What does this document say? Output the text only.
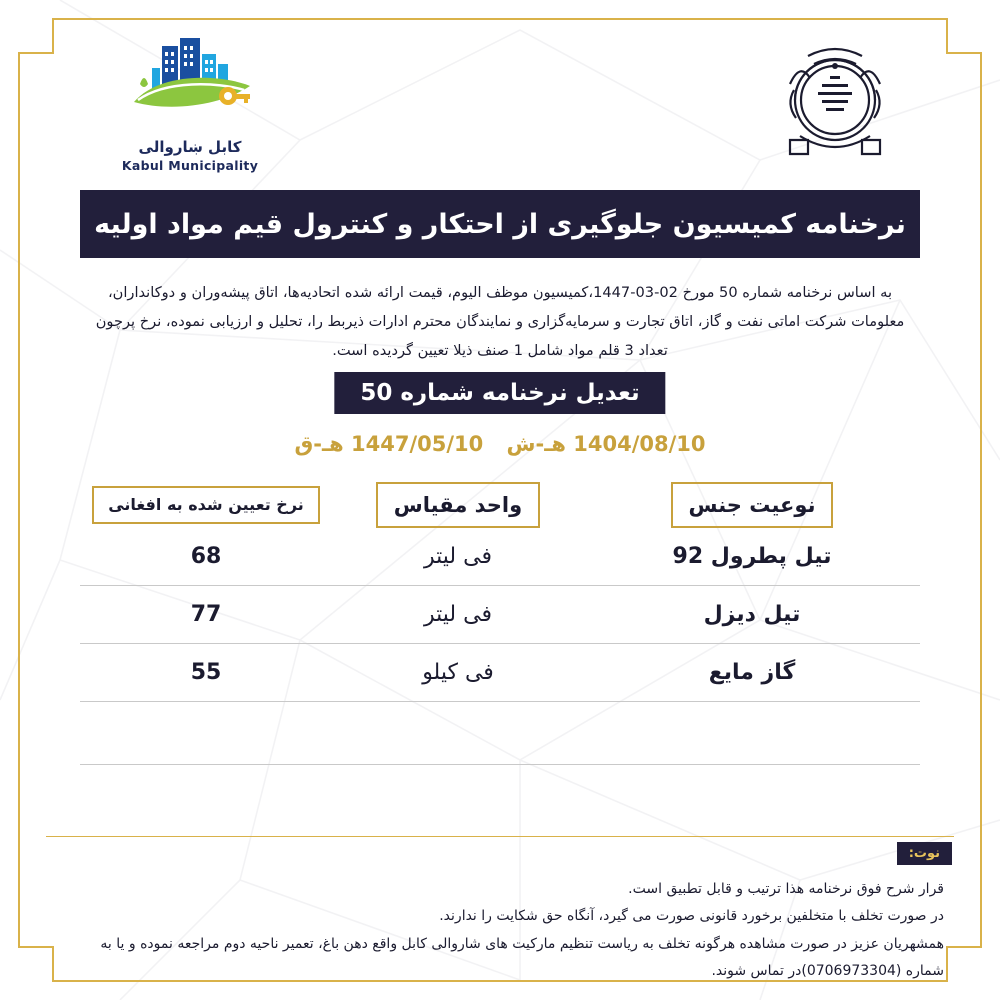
کابل ښاروالی
Kabul Municipality
نرخنامه کمیسیون جلوگیری از احتکار و کنترول قیم مواد اولیه
به اساس نرخنامه شماره 50 مورخ 02-03-1447،کمیسیون موظف الیوم، قیمت ارائه شده اتحادیه‌ها، اتاق پیشه‌وران و دوکانداران، معلومات شرکت اماتی نفت و گاز، اتاق تجارت و سرمایه‌گزاری و نمایندگان محترم ادارات ذیربط را، تحلیل و ارزیابی نموده، نرخ پرچون تعداد 3 قلم مواد شامل 1 صنف ذیلا تعیین گردیده است.
تعدیل نرخنامه شماره 50
1404/08/10 هـ-ش 1447/05/10 هـ-ق
نوعیت جنس	واحد مقیاس	نرخ تعیین شده به افغانی
تیل پطرول 92	فی لیتر	68
تیل دیزل	فی لیتر	77
گاز مایع	فی کیلو	55

نوت:
قرار شرح فوق نرخنامه هذا ترتیب و قابل تطبیق است.
در صورت تخلف با متخلفین برخورد قانونی صورت می گیرد، آنگاه حق شکایت را ندارند.
همشهریان عزیز در صورت مشاهده هرگونه تخلف به ریاست تنظیم مارکیت های شاروالی کابل واقع دهن باغ، تعمیر ناحیه دوم مراجعه نموده و یا به شماره (0706973304)در تماس شوند.
